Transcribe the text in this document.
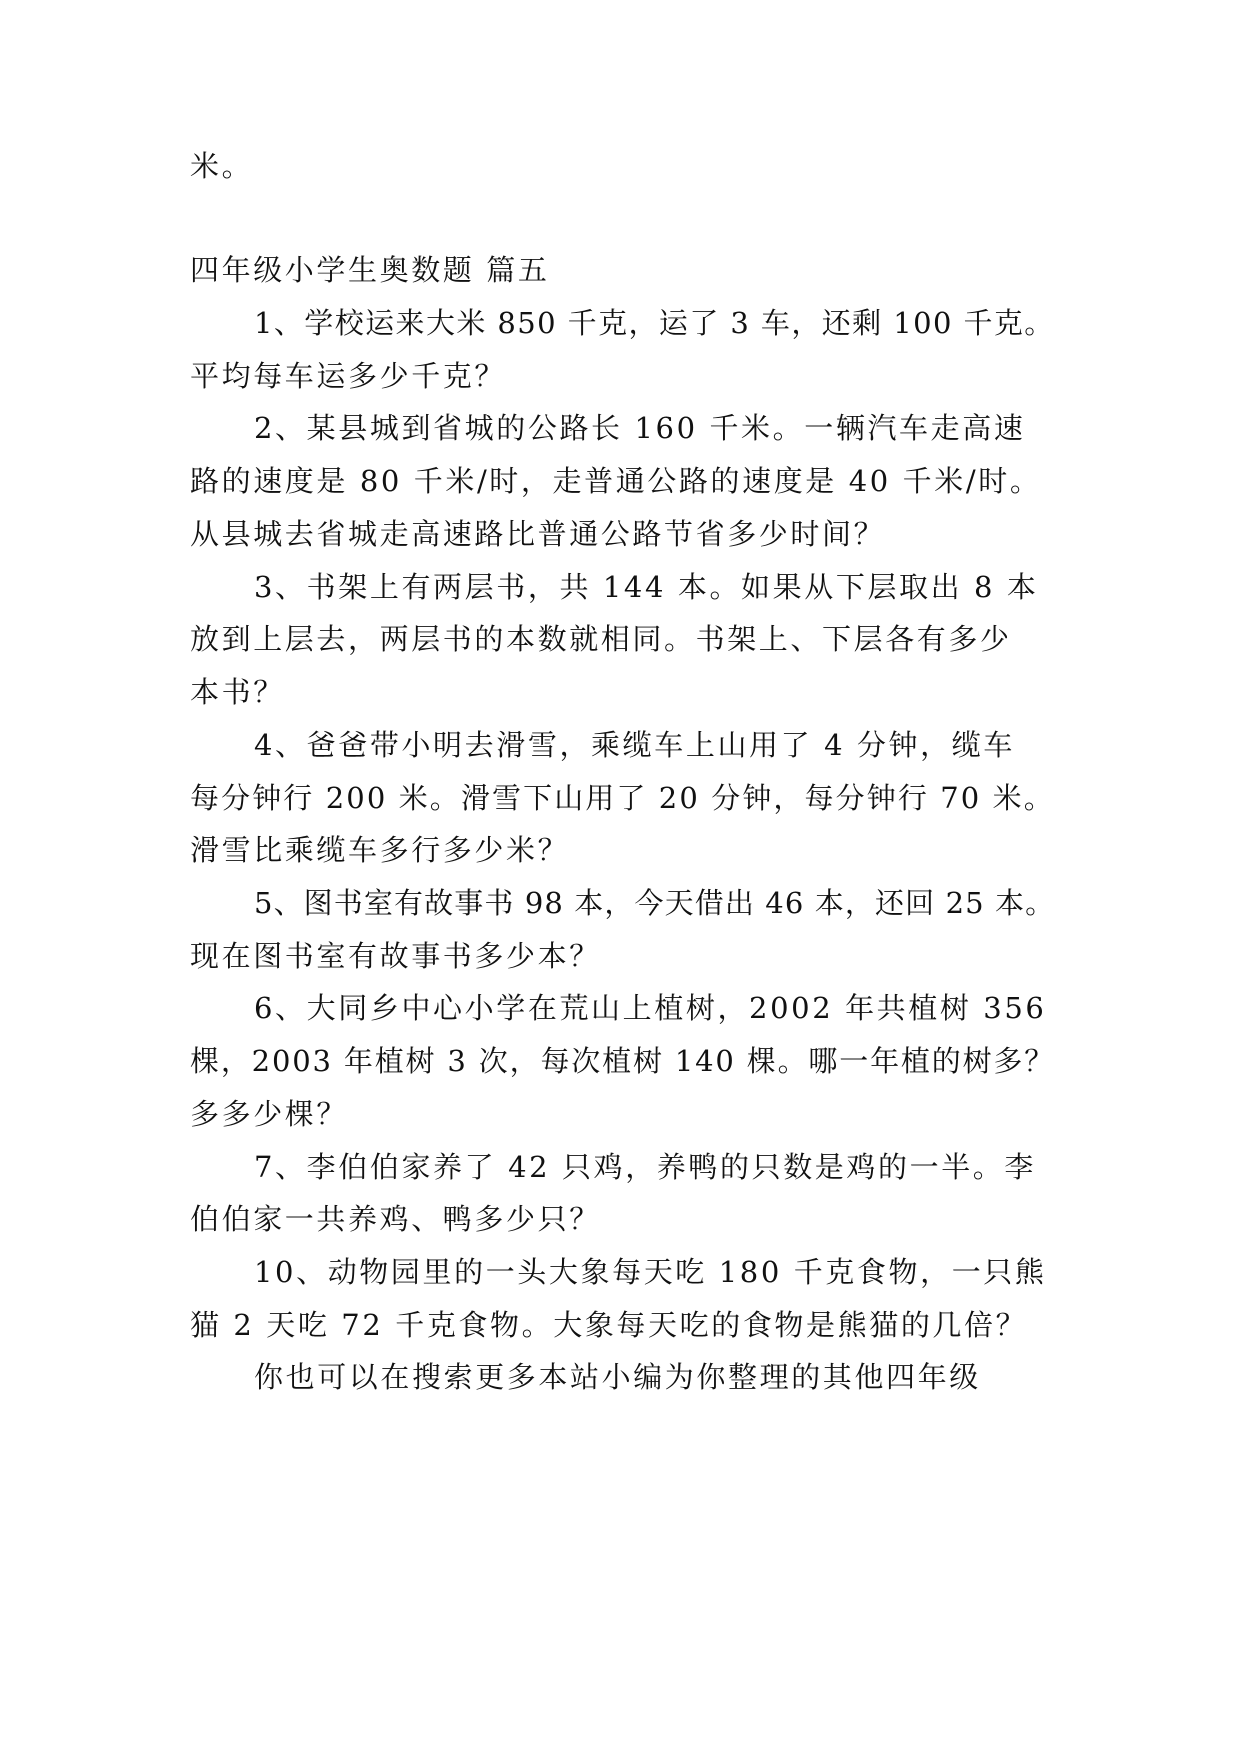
米。
四年级小学生奥数题 篇五
1、学校运来大米 850 千克，运了 3 车，还剩 100 千克。
平均每车运多少千克？
2、某县城到省城的公路长 160 千米。一辆汽车走高速
路的速度是 80 千米/时，走普通公路的速度是 40 千米/时。
从县城去省城走高速路比普通公路节省多少时间？
3、书架上有两层书，共 144 本。如果从下层取出 8 本
放到上层去，两层书的本数就相同。书架上、下层各有多少
本书？
4、爸爸带小明去滑雪，乘缆车上山用了 4 分钟，缆车
每分钟行 200 米。滑雪下山用了 20 分钟，每分钟行 70 米。
滑雪比乘缆车多行多少米？
5、图书室有故事书 98 本，今天借出 46 本，还回 25 本。
现在图书室有故事书多少本？
6、大同乡中心小学在荒山上植树，2002 年共植树 356
棵，2003 年植树 3 次，每次植树 140 棵。哪一年植的树多？
多多少棵？
7、李伯伯家养了 42 只鸡，养鸭的只数是鸡的一半。李
伯伯家一共养鸡、鸭多少只？
10、动物园里的一头大象每天吃 180 千克食物，一只熊
猫 2 天吃 72 千克食物。大象每天吃的食物是熊猫的几倍？
你也可以在搜索更多本站小编为你整理的其他四年级
